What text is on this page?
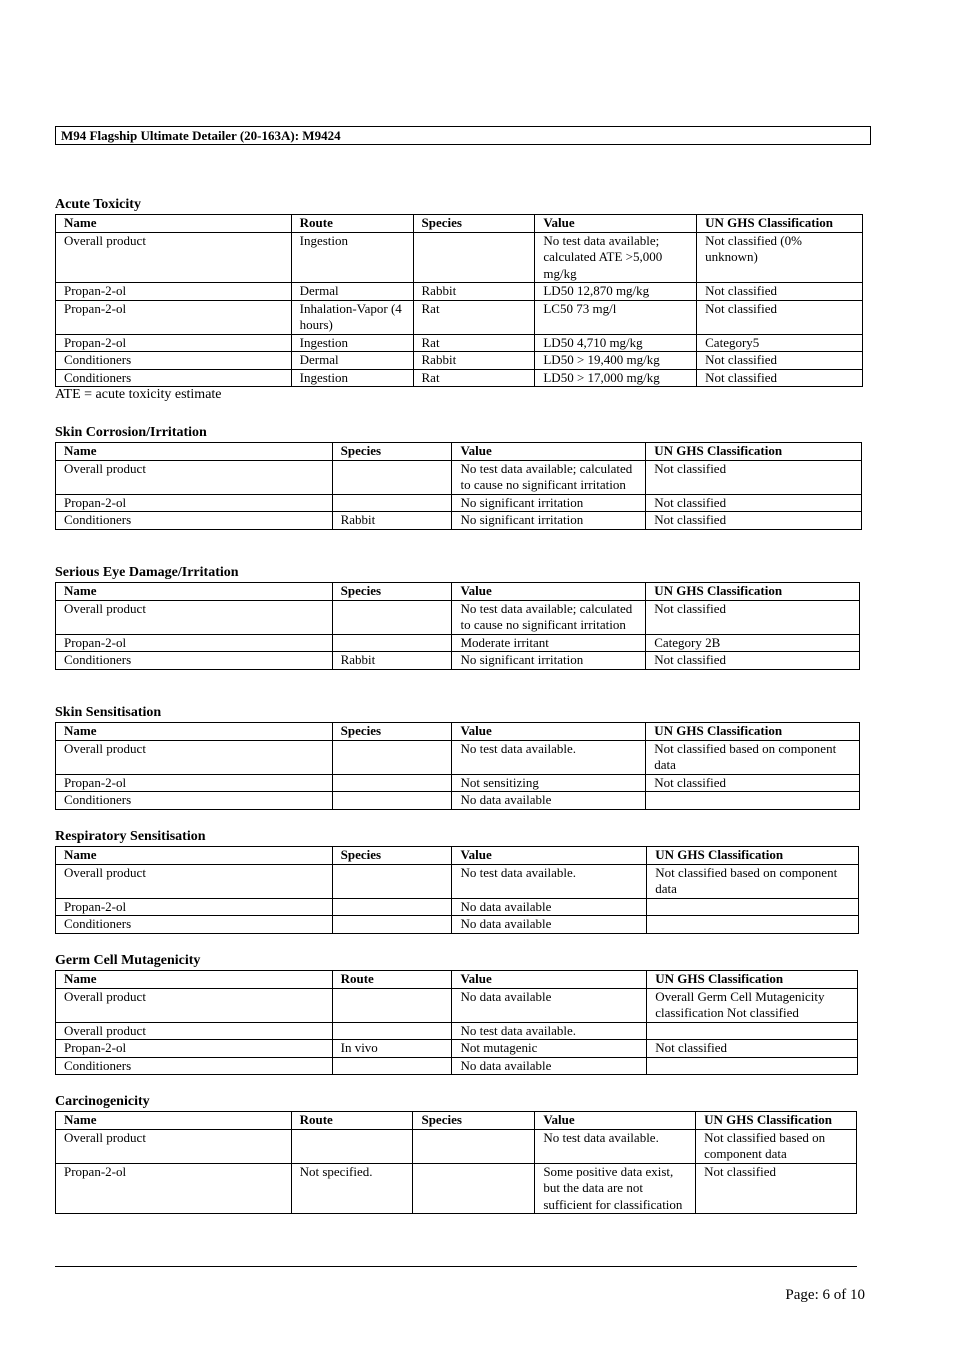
M94 Flagship Ultimate Detailer (20-163A): M9424
Acute Toxicity
Name	Route	Species	Value	UN GHS Classification
Overall product	Ingestion		No test data available; calculated ATE >5,000 mg/kg	Not classified (0% unknown)
Propan-2-ol	Dermal	Rabbit	LD50 12,870 mg/kg	Not classified
Propan-2-ol	Inhalation-Vapor (4 hours)	Rat	LC50 73 mg/l	Not classified
Propan-2-ol	Ingestion	Rat	LD50 4,710 mg/kg	Category5
Conditioners	Dermal	Rabbit	LD50 > 19,400 mg/kg	Not classified
Conditioners	Ingestion	Rat	LD50 > 17,000 mg/kg	Not classified
ATE = acute toxicity estimate
Skin Corrosion/Irritation
Name	Species	Value	UN GHS Classification
Overall product		No test data available; calculated to cause no significant irritation	Not classified
Propan-2-ol		No significant irritation	Not classified
Conditioners	Rabbit	No significant irritation	Not classified
Serious Eye Damage/Irritation
Name	Species	Value	UN GHS Classification
Overall product		No test data available; calculated to cause no significant irritation	Not classified
Propan-2-ol		Moderate irritant	Category 2B
Conditioners	Rabbit	No significant irritation	Not classified
Skin Sensitisation
Name	Species	Value	UN GHS Classification
Overall product		No test data available.	Not classified based on component data
Propan-2-ol		Not sensitizing	Not classified
Conditioners		No data available	
Respiratory Sensitisation
Name	Species	Value	UN GHS Classification
Overall product		No test data available.	Not classified based on component data
Propan-2-ol		No data available	
Conditioners		No data available	
Germ Cell Mutagenicity
Name	Route	Value	UN GHS Classification
Overall product		No data available	Overall Germ Cell Mutagenicity classification Not classified
Overall product		No test data available.	
Propan-2-ol	In vivo	Not mutagenic	Not classified
Conditioners		No data available	
Carcinogenicity
Name	Route	Species	Value	UN GHS Classification
Overall product			No test data available.	Not classified based on component data
Propan-2-ol	Not specified.		Some positive data exist, but the data are not sufficient for classification	Not classified
Page: 6 of 10
